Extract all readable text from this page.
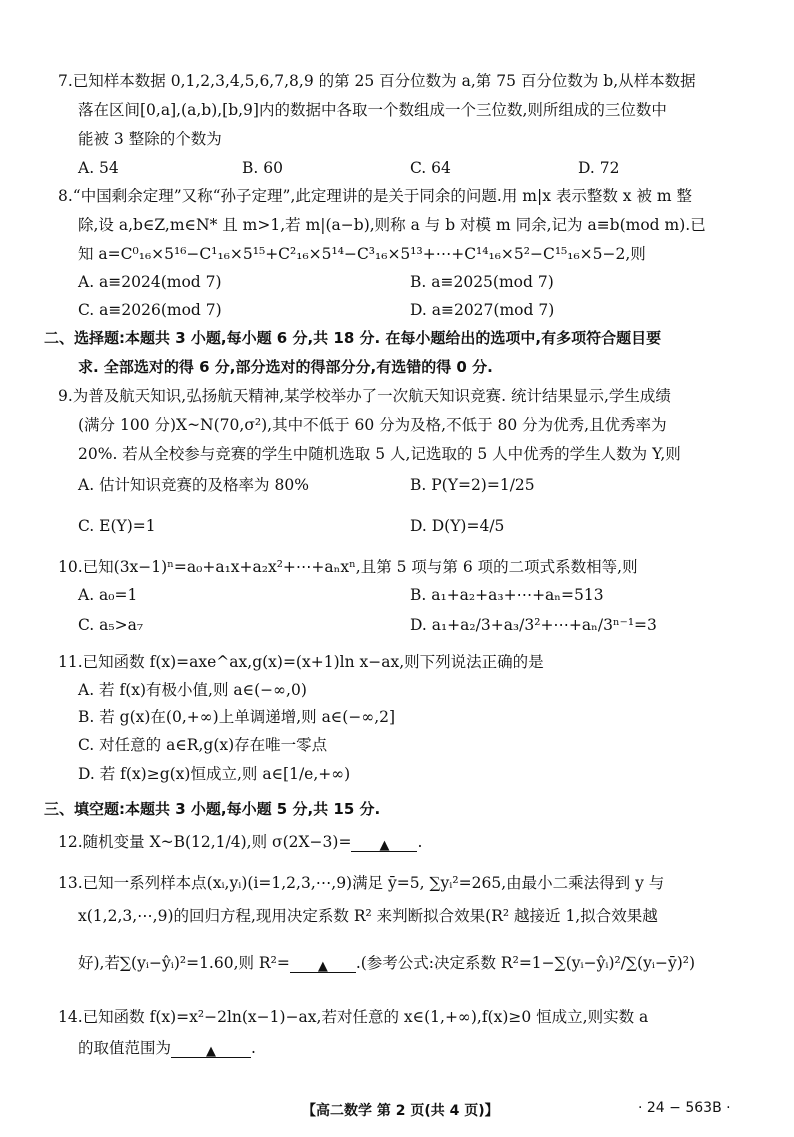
7.已知样本数据 0,1,2,3,4,5,6,7,8,9 的第 25 百分位数为 a,第 75 百分位数为 b,从样本数据
落在区间[0,a],(a,b),[b,9]内的数据中各取一个数组成一个三位数,则所组成的三位数中
能被 3 整除的个数为
A. 54	B. 60	C. 64	D. 72
8.“中国剩余定理”又称“孙子定理”,此定理讲的是关于同余的问题.用 m|x 表示整数 x 被 m 整
除,设 a,b∈Z,m∈N* 且 m>1,若 m|(a−b),则称 a 与 b 对模 m 同余,记为 a≡b(mod m).已
知 a=C⁰₁₆×5¹⁶−C¹₁₆×5¹⁵+C²₁₆×5¹⁴−C³₁₆×5¹³+⋯+C¹⁴₁₆×5²−C¹⁵₁₆×5−2,则
A. a≡2024(mod 7)	B. a≡2025(mod 7)
C. a≡2026(mod 7)	D. a≡2027(mod 7)
二、选择题:本题共 3 小题,每小题 6 分,共 18 分. 在每小题给出的选项中,有多项符合题目要
求. 全部选对的得 6 分,部分选对的得部分分,有选错的得 0 分.
9.为普及航天知识,弘扬航天精神,某学校举办了一次航天知识竞赛. 统计结果显示,学生成绩
(满分 100 分)X~N(70,σ²),其中不低于 60 分为及格,不低于 80 分为优秀,且优秀率为
20%. 若从全校参与竞赛的学生中随机选取 5 人,记选取的 5 人中优秀的学生人数为 Y,则
A. 估计知识竞赛的及格率为 80%	B. P(Y=2)=1/25
C. E(Y)=1	D. D(Y)=4/5
10.已知(3x−1)ⁿ=a₀+a₁x+a₂x²+⋯+aₙxⁿ,且第 5 项与第 6 项的二项式系数相等,则
A. a₀=1	B. a₁+a₂+a₃+⋯+aₙ=513
C. a₅>a₇	D. a₁+a₂/3+a₃/3²+⋯+aₙ/3ⁿ⁻¹=3
11.已知函数 f(x)=axe^ax,g(x)=(x+1)ln x−ax,则下列说法正确的是
A. 若 f(x)有极小值,则 a∈(−∞,0)
B. 若 g(x)在(0,+∞)上单调递增,则 a∈(−∞,2]
C. 对任意的 a∈R,g(x)存在唯一零点
D. 若 f(x)≥g(x)恒成立,则 a∈[1/e,+∞)
三、填空题:本题共 3 小题,每小题 5 分,共 15 分.
12.随机变量 X~B(12,1/4),则 σ(2X−3)= ▲ .
13.已知一系列样本点(xᵢ,yᵢ)(i=1,2,3,⋯,9)满足 ȳ=5, ∑yᵢ²=265,由最小二乘法得到 y 与
x(1,2,3,⋯,9)的回归方程,现用决定系数 R² 来判断拟合效果(R² 越接近 1,拟合效果越
好),若∑(yᵢ−ŷᵢ)²=1.60,则 R²= ▲ .(参考公式:决定系数 R²=1−∑(yᵢ−ŷᵢ)²/∑(yᵢ−ȳ)²)
14.已知函数 f(x)=x²−2ln(x−1)−ax,若对任意的 x∈(1,+∞),f(x)≥0 恒成立,则实数 a
的取值范围为	▲ .
【高二数学 第 2 页(共 4 页)】	· 24 − 563B ·
